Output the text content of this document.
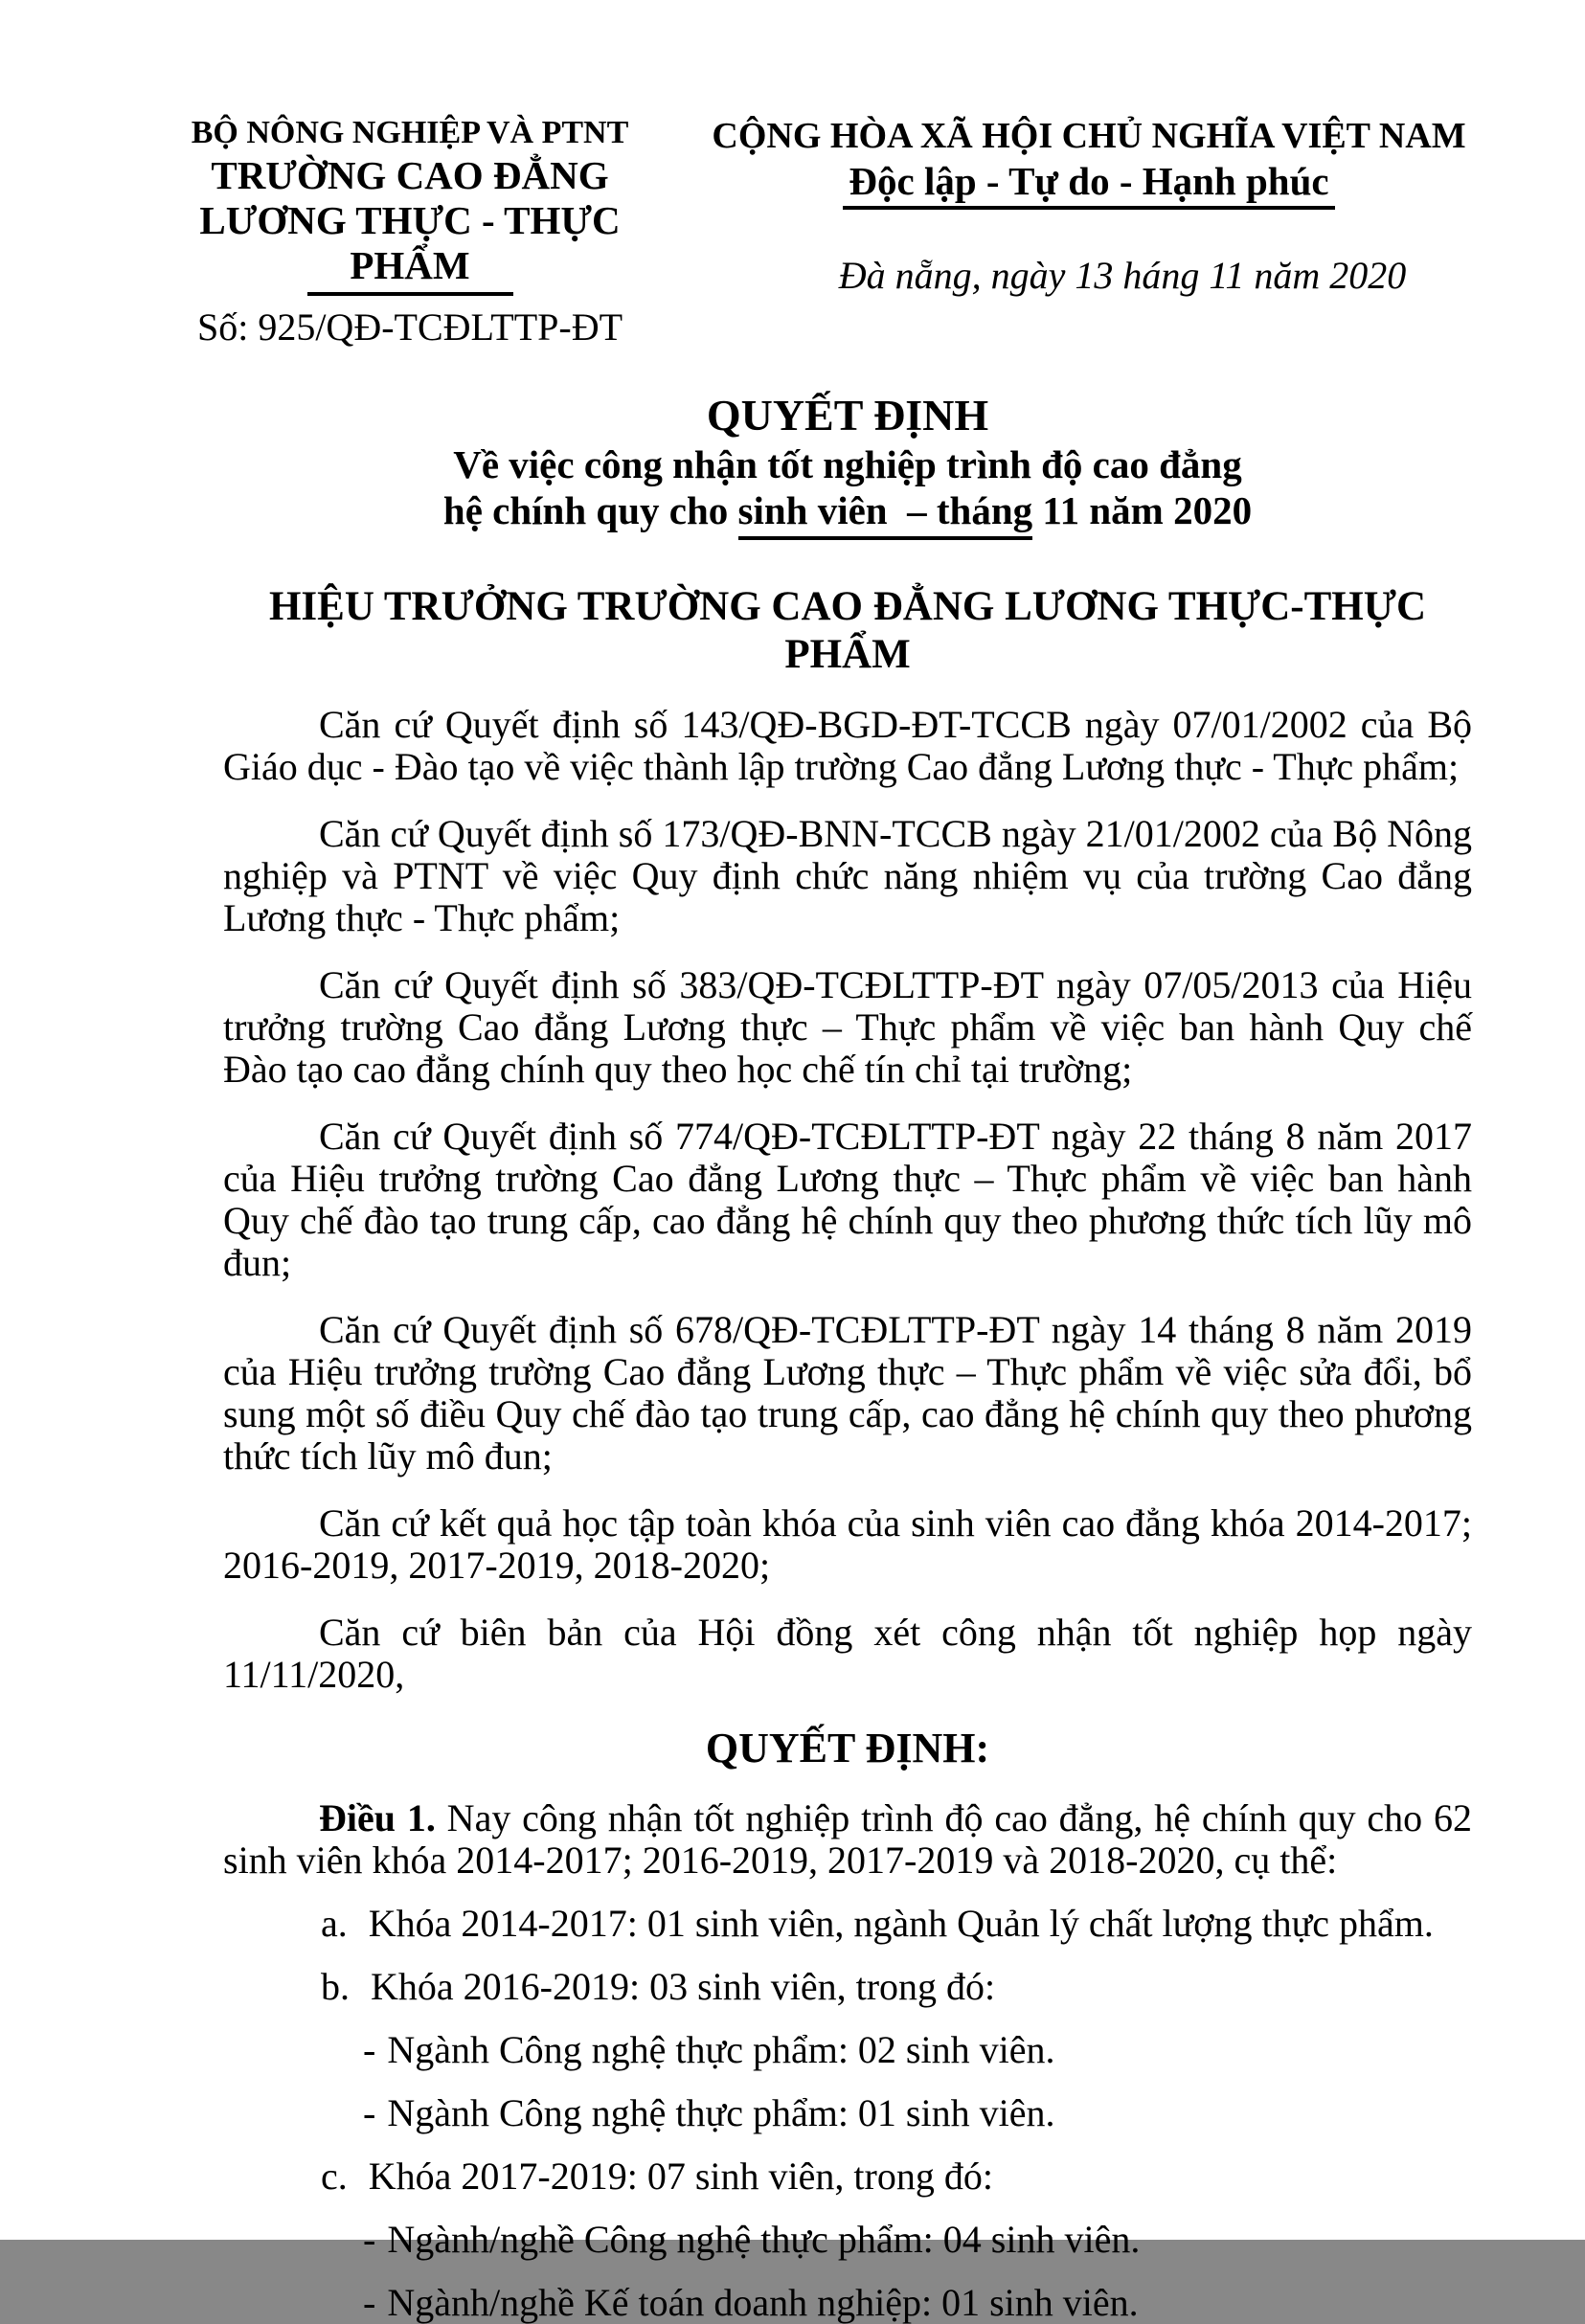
BỘ NÔNG NGHIỆP VÀ PTNT
TRƯỜNG CAO ĐẲNG
LƯƠNG THỰC - THỰC PHẨM
Số: 925/QĐ-TCĐLTTP-ĐT
CỘNG HÒA XÃ HỘI CHỦ NGHĨA VIỆT NAM
Độc lập - Tự do - Hạnh phúc
Đà nẵng, ngày 13 háng 11 năm 2020
QUYẾT ĐỊNH
Về việc công nhận tốt nghiệp trình độ cao đẳng
hệ chính quy cho sinh viên  – tháng 11 năm 2020
HIỆU TRƯỞNG TRƯỜNG CAO ĐẲNG LƯƠNG THỰC-THỰC PHẨM

Căn cứ Quyết định số 143/QĐ-BGD-ĐT-TCCB ngày 07/01/2002 của Bộ Giáo dục - Đào tạo về việc thành lập trường Cao đẳng Lương thực - Thực phẩm;

Căn cứ Quyết định số 173/QĐ-BNN-TCCB ngày 21/01/2002 của Bộ Nông nghiệp và PTNT về việc Quy định chức năng nhiệm vụ của trường Cao đẳng Lương thực - Thực phẩm;

Căn cứ Quyết định số 383/QĐ-TCĐLTTP-ĐT ngày 07/05/2013 của Hiệu trưởng trường Cao đẳng Lương thực – Thực phẩm về việc ban hành Quy chế Đào tạo cao đẳng chính quy theo học chế tín chỉ tại trường;

Căn cứ Quyết định số 774/QĐ-TCĐLTTP-ĐT ngày 22 tháng 8 năm 2017 của Hiệu trưởng trường Cao đẳng Lương thực – Thực phẩm về việc ban hành Quy chế đào tạo trung cấp, cao đẳng hệ chính quy theo phương thức tích lũy mô đun;

Căn cứ Quyết định số 678/QĐ-TCĐLTTP-ĐT ngày 14 tháng 8 năm 2019 của Hiệu trưởng trường Cao đẳng Lương thực – Thực phẩm về việc sửa đổi, bổ sung một số điều Quy chế đào tạo trung cấp, cao đẳng hệ chính quy theo phương thức tích lũy mô đun;

Căn cứ kết quả học tập toàn khóa của sinh viên cao đẳng khóa 2014-2017; 2016-2019, 2017-2019, 2018-2020;

Căn cứ biên bản của Hội đồng xét công nhận tốt nghiệp họp ngày 11/11/2020,

QUYẾT ĐỊNH:

Điều 1. Nay công nhận tốt nghiệp trình độ cao đẳng, hệ chính quy cho 62 sinh viên khóa 2014-2017; 2016-2019, 2017-2019 và 2018-2020, cụ thể:

a. Khóa 2014-2017: 01 sinh viên, ngành Quản lý chất lượng thực phẩm.
b. Khóa 2016-2019: 03 sinh viên, trong đó:
- Ngành Công nghệ thực phẩm: 02 sinh viên.
- Ngành Công nghệ thực phẩm: 01 sinh viên.
c. Khóa 2017-2019: 07 sinh viên, trong đó:
- Ngành/nghề Công nghệ thực phẩm: 04 sinh viên.
- Ngành/nghề Kế toán doanh nghiệp: 01 sinh viên.
